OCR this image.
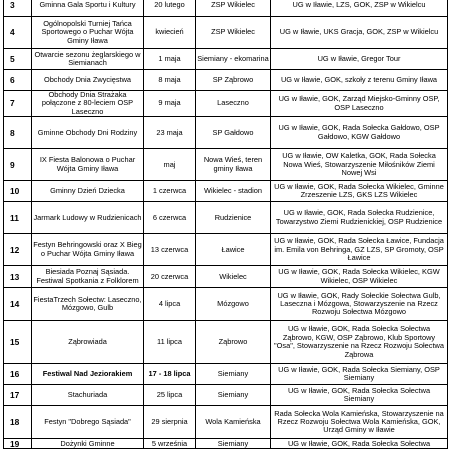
3	Gminna Gala Sportu i Kultury	20 lutego	ZSP Wikielec	UG w Iławie, LZS, GOK, ZSP w Wikielcu
4	Ogólnopolski Turniej Tańca Sportowego o Puchar Wójta Gminy Iława	kwiecień	ZSP Wikielec	UG w Iławie, UKS Gracja, GOK, ZSP w Wikielcu
5	Otwarcie sezonu żeglarskiego w Siemianach	1 maja	Siemiany - ekomarina	UG w Iławie, Gregor Tour
6	Obchody Dnia Zwycięstwa	8 maja	SP Ząbrowo	UG w Iławie, GOK, szkoły z terenu Gminy Iława
7	Obchody Dnia Strażaka połączone z 80-leciem OSP Laseczno	9 maja	Laseczno	UG w Iławie, GOK, Zarząd Miejsko-Gminny OSP, OSP Laseczno
8	Gminne Obchody Dni Rodziny	23 maja	SP Gałdowo	UG w Iławie, GOK, Rada Sołecka Gałdowo, OSP Gałdowo, KGW Gałdowo
9	IX Fiesta Balonowa o Puchar Wójta Gminy Iława	maj	Nowa Wieś, teren gminy Iława	UG w Iławie, OW Kaletka, GOK, Rada Sołecka Nowa Wieś, Stowarzyszenie Miłośników Ziemi Nowej Wsi
10	Gminny Dzień Dziecka	1 czerwca	Wikielec - stadion	UG w Iławie, GOK, Rada Sołecka Wikielec, Gminne Zrzeszenie LZS, GKS LZS Wikielec
11	Jarmark Ludowy w Rudzienicach	6 czerwca	Rudzienice	UG w Iławie, GOK, Rada Sołecka Rudzienice, Towarzystwo Ziemi Rudzienickiej, OSP Rudzienice
12	Festyn Behringowski oraz X Bieg o Puchar Wójta Gminy Iława	13 czerwca	Ławice	UG w Iławie, GOK, Rada Sołecka Ławice, Fundacja im. Emila von Behringa, GZ LZS, SP Gromoty, OSP Ławice
13	Biesiada Poznaj Sąsiada. Festiwal Spotkania z Folklorem	20 czerwca	Wikielec	UG w Iławie, GOK, Rada Sołecka Wikielec, KGW Wikielec, OSP Wikielec
14	FiestaTrzech Sołectw: Laseczno, Mózgowo, Gulb	4 lipca	Mózgowo	UG w Iławie, GOK, Rady Sołeckie Sołectwa Gulb, Laseczna i Mózgowa, Stowarzyszenie na Rzecz Rozwoju Sołectwa Mózgowo
15	Ząbrowiada	11 lipca	Ząbrowo	UG w Iławie, GOK, Rada Sołecka Sołectwa Ząbrowo, KGW, OSP Ząbrowo, Klub Sportowy "Osa", Stowarzyszenie na Rzecz Rozwoju Sołectwa Ząbrowa
16	Festiwal Nad Jeziorakiem	17 - 18 lipca	Siemiany	UG w Iławie, GOK, Rada Sołecka Siemiany, OSP Siemiany
17	Stachuriada	25 lipca	Siemiany	UG w Iławie, GOK, Rada Sołecka Sołectwa Siemiany
18	Festyn "Dobrego Sąsiada"	29 sierpnia	Wola Kamieńska	Rada Sołecka Wola Kamieńska, Stowarzyszenie na Rzecz Rozwoju Sołectwa Wola Kamieńska, GOK, Urząd Gminy w Iławie
19	Dożynki Gminne	5 września	Siemiany	UG w Iławie, GOK, Rada Sołecka Sołectwa
